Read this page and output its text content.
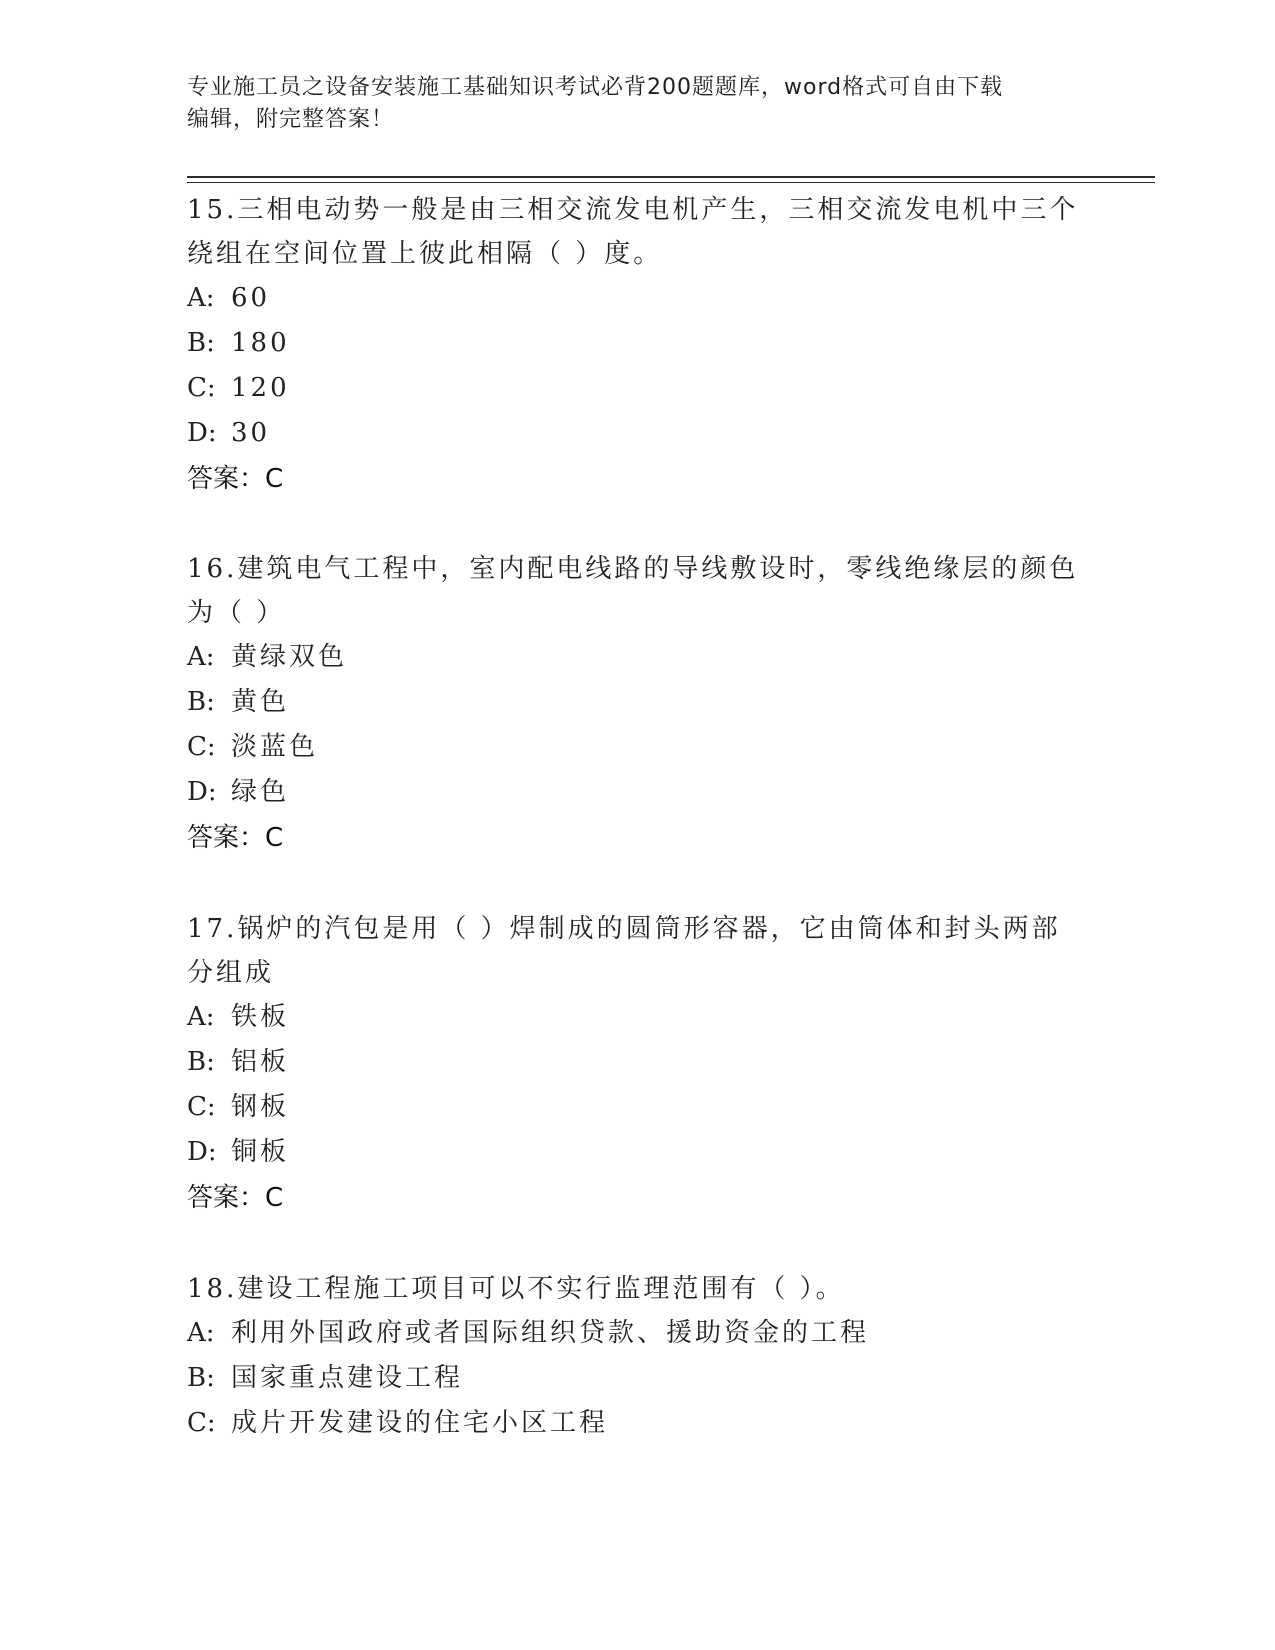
专业施工员之设备安装施工基础知识考试必背200题题库，word格式可自由下载
编辑，附完整答案！
15.三相电动势一般是由三相交流发电机产生，三相交流发电机中三个
绕组在空间位置上彼此相隔（ ）度。
A: 60
B: 180
C: 120
D: 30
答案：C
16.建筑电气工程中，室内配电线路的导线敷设时，零线绝缘层的颜色
为（ ）
A: 黄绿双色
B: 黄色
C: 淡蓝色
D: 绿色
答案：C
17.锅炉的汽包是用（ ）焊制成的圆筒形容器，它由筒体和封头两部
分组成
A: 铁板
B: 铝板
C: 钢板
D: 铜板
答案：C
18.建设工程施工项目可以不实行监理范围有（ ）。
A: 利用外国政府或者国际组织贷款、援助资金的工程
B: 国家重点建设工程
C: 成片开发建设的住宅小区工程
